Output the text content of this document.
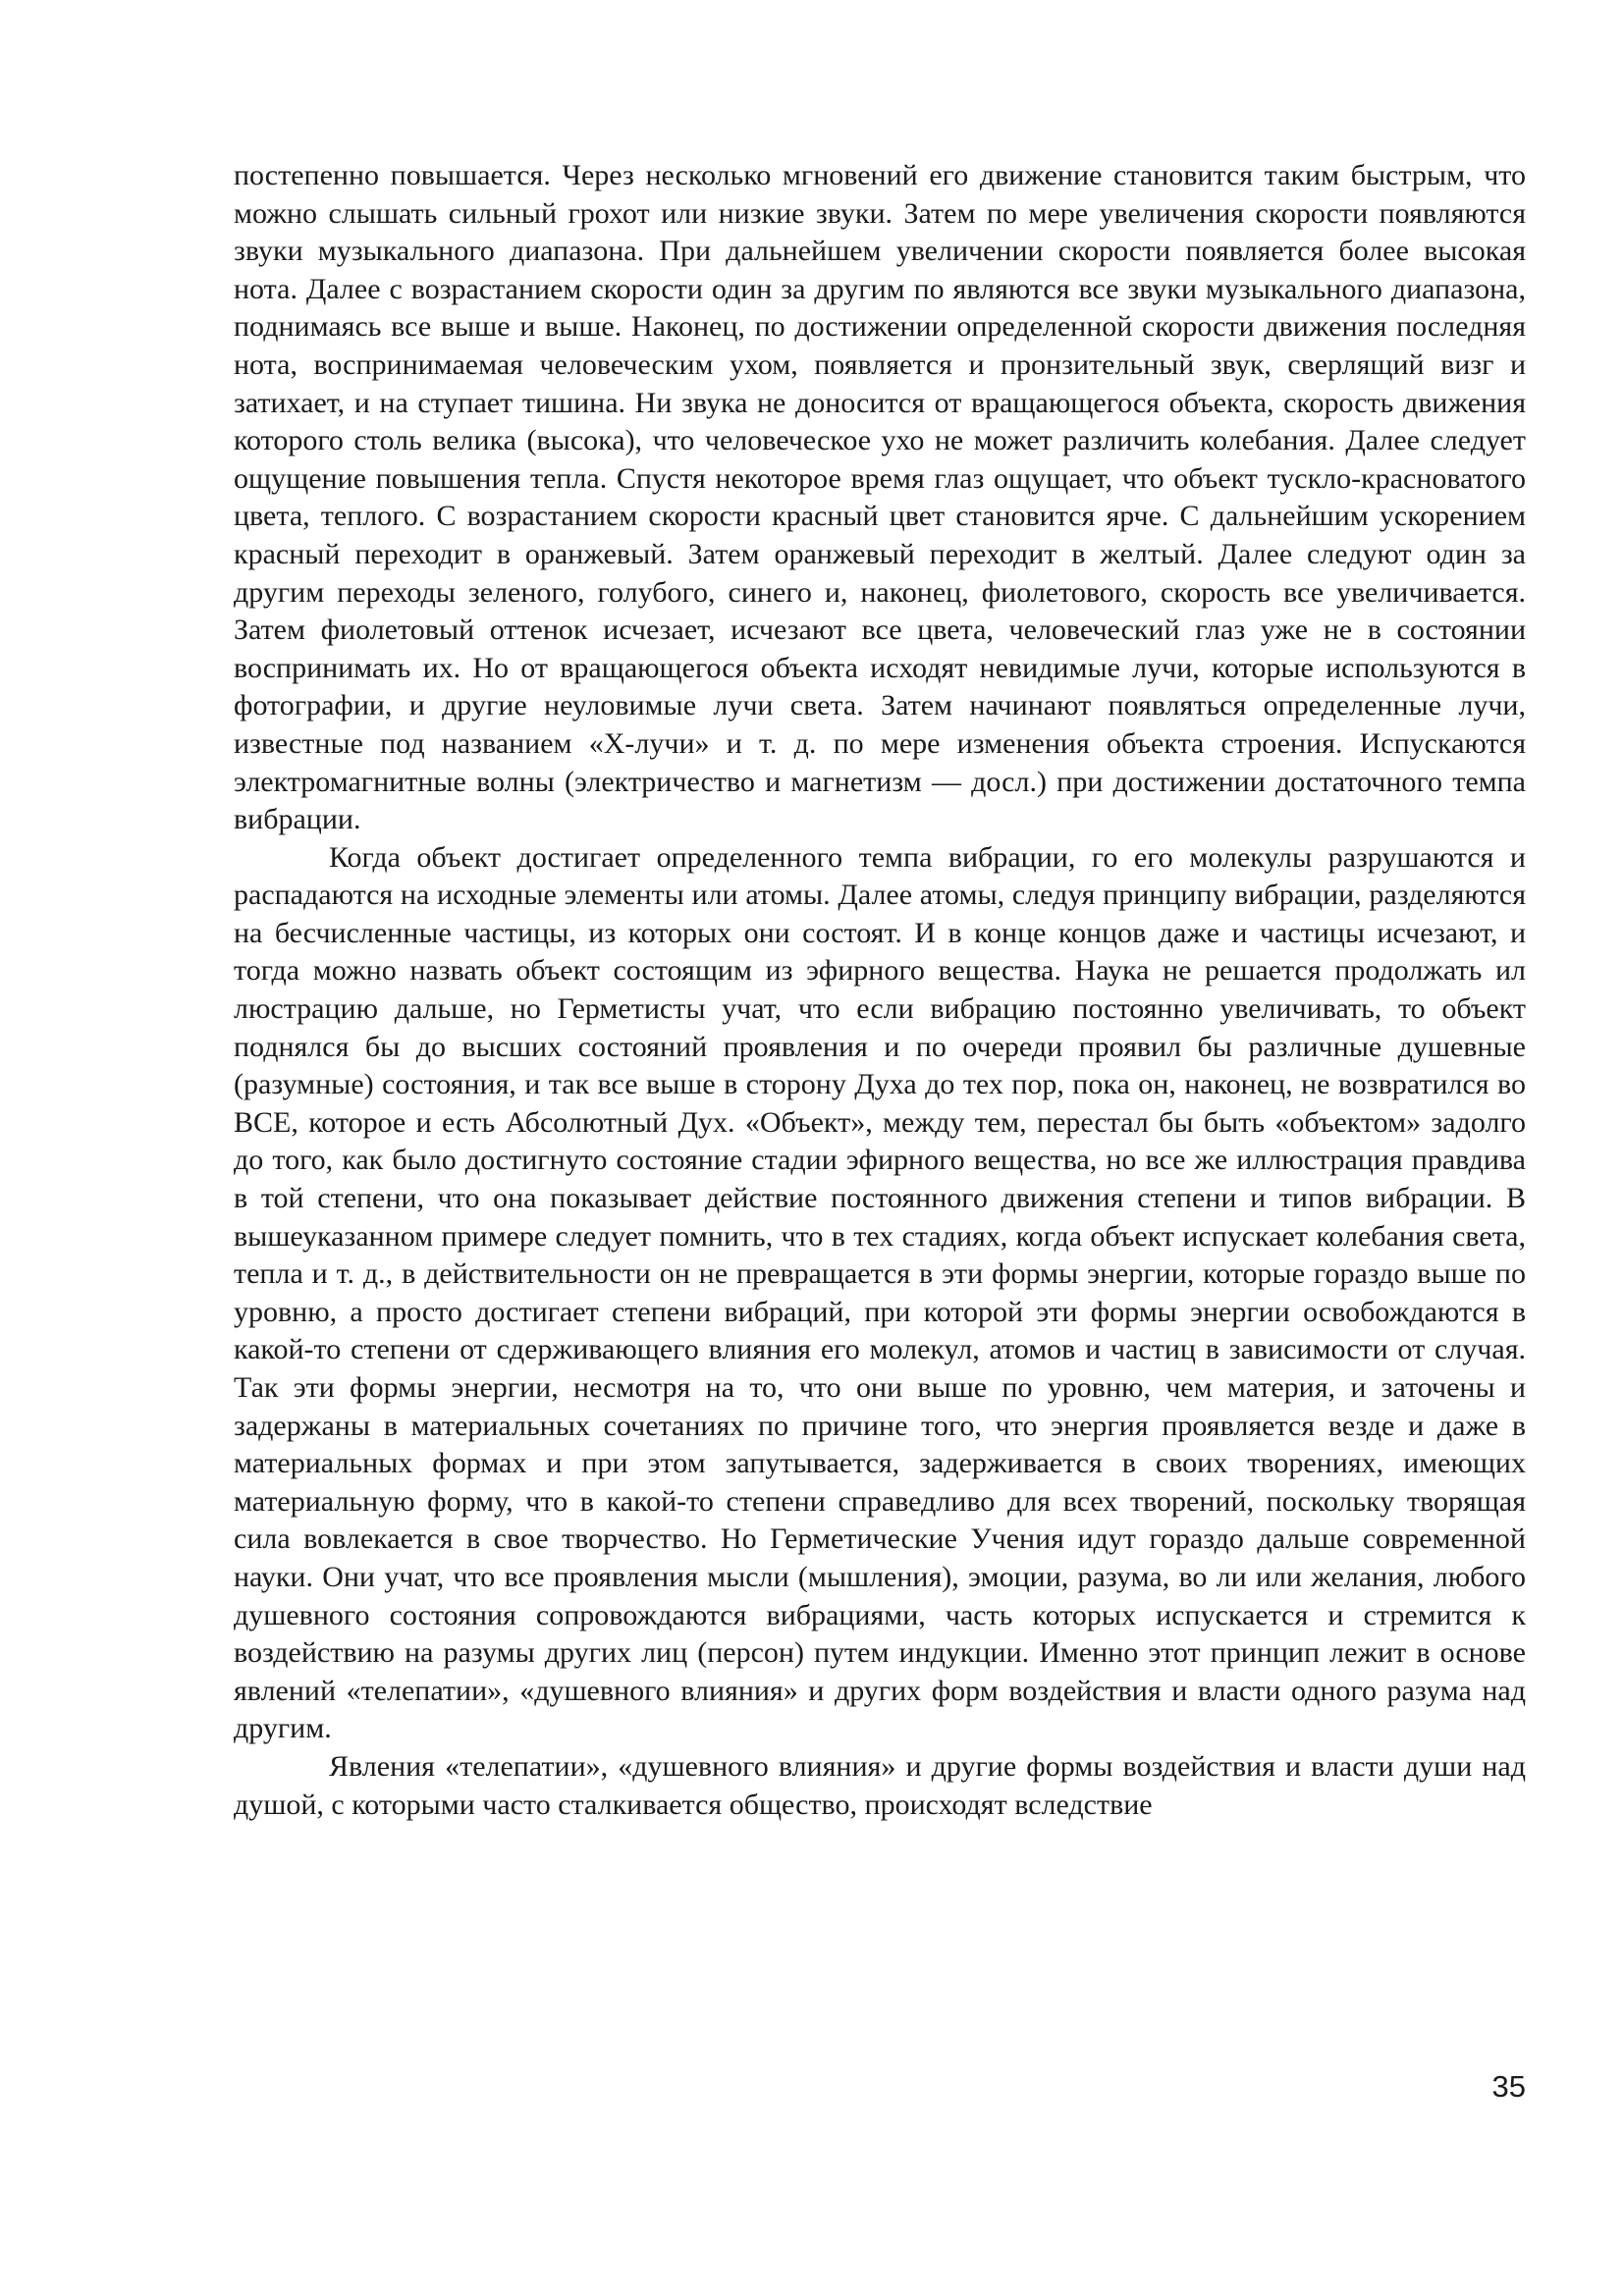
постепенно повышается. Через несколько мгновений его движение становится таким быстрым, что можно слышать сильный грохот или низкие звуки. Затем по мере увеличения скорости появляются звуки музыкального диапазона. При дальнейшем увеличении скорости появляется более высокая нота. Далее с возрастанием скорости один за другим по являются все звуки музыкального диапазона, поднимаясь все выше и выше. Наконец, по достижении определенной скорости движения последняя нота, воспринимаемая человеческим ухом, появляется и пронзительный звук, сверлящий визг и затихает, и на ступает тишина. Ни звука не доносится от вращающегося объекта, скорость движения которого столь велика (высока), что человеческое ухо не может различить колебания. Далее следует ощущение повышения тепла. Спустя некоторое время глаз ощущает, что объект тускло-красноватого цвета, теплого. С возрастанием скорости красный цвет становится ярче. С дальнейшим ускорением красный переходит в оранжевый. Затем оранжевый переходит в желтый. Далее следуют один за другим переходы зеленого, голубого, синего и, наконец, фиолетового, скорость все увеличивается. Затем фиолетовый оттенок исчезает, исчезают все цвета, человеческий глаз уже не в состоянии воспринимать их. Но от вращающегося объекта исходят невидимые лучи, которые используются в фотографии, и другие неуловимые лучи света. Затем начинают появляться определенные лучи, известные под названием «Х-лучи» и т. д. по мере изменения объекта строения. Испускаются электромагнитные волны (электричество и магнетизм — досл.) при достижении достаточного темпа вибрации.

Когда объект достигает определенного темпа вибрации, го его молекулы разрушаются и распадаются на исходные элементы или атомы. Далее атомы, следуя принципу вибрации, разделяются на бесчисленные частицы, из которых они состоят. И в конце концов даже и частицы исчезают, и тогда можно назвать объект состоящим из эфирного вещества. Наука не решается продолжать ил люстрацию дальше, но Герметисты учат, что если вибрацию постоянно увеличивать, то объект поднялся бы до высших состояний проявления и по очереди проявил бы различные душевные (разумные) состояния, и так все выше в сторону Духа до тех пор, пока он, наконец, не возвратился во ВСЕ, которое и есть Абсолютный Дух. «Объект», между тем, перестал бы быть «объектом» задолго до того, как было достигнуто состояние стадии эфирного вещества, но все же иллюстрация правдива в той степени, что она показывает действие постоянного движения степени и типов вибрации. В вышеуказанном примере следует помнить, что в тех стадиях, когда объект испускает колебания света, тепла и т. д., в действительности он не превращается в эти формы энергии, которые гораздо выше по уровню, а просто достигает степени вибраций, при которой эти формы энергии освобождаются в какой-то степени от сдерживающего влияния его молекул, атомов и частиц в зависимости от случая. Так эти формы энергии, несмотря на то, что они выше по уровню, чем материя, и заточены и задержаны в материальных сочетаниях по причине того, что энергия проявляется везде и даже в материальных формах и при этом запутывается, задерживается в своих творениях, имеющих материальную форму, что в какой-то степени справедливо для всех творений, поскольку творящая сила вовлекается в свое творчество. Но Герметические Учения идут гораздо дальше современной науки. Они учат, что все проявления мысли (мышления), эмоции, разума, во ли или желания, любого душевного состояния сопровождаются вибрациями, часть которых испускается и стремится к воздействию на разумы других лиц (персон) путем индукции. Именно этот принцип лежит в основе явлений «телепатии», «душевного влияния» и других форм воздействия и власти одного разума над другим.

Явления «телепатии», «душевного влияния» и другие формы воздействия и власти души над душой, с которыми часто сталкивается общество, происходят вследствие

35
